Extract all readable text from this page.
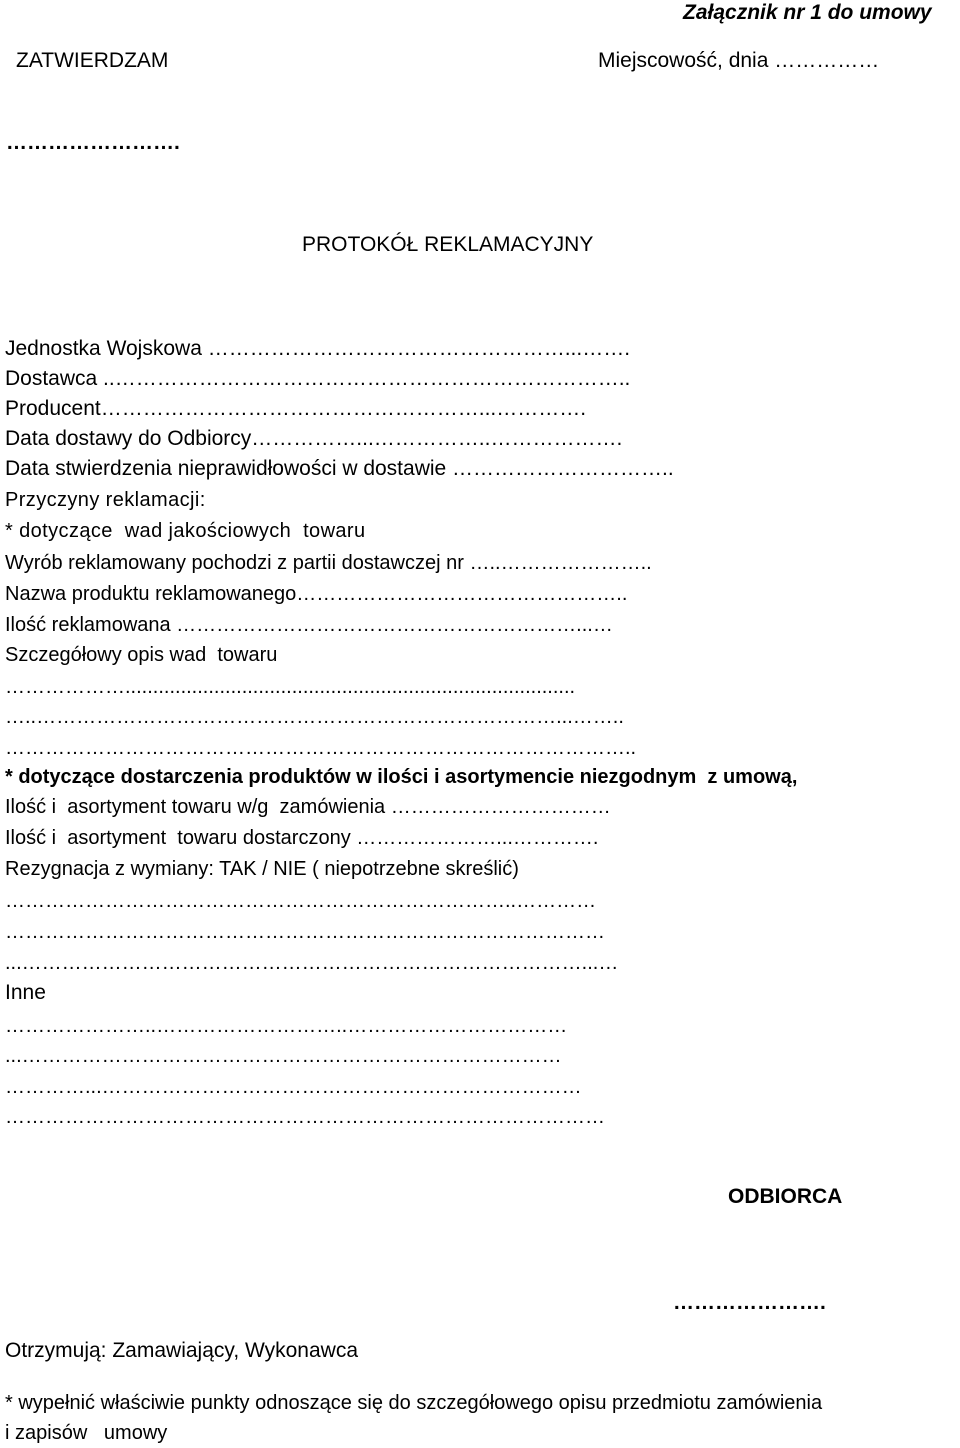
Załącznik nr 1 do umowy
ZATWIERDZAM	Miejscowość, dnia ……………
…………………….
PROTOKÓŁ REKLAMACYJNY
Jednostka Wojskowa ……………………………………………...…….
Dostawca ..………………………………………………………………..
Producent………………………………………………...………….
Data dostawy do Odbiorcy……………...……………..……………….
Data stwierdzenia nieprawidłowości w dostawie …………………………..
Przyczyny reklamacji:
* dotyczące  wad jakościowych  towaru
Wyrób reklamowany pochodzi z partii dostawczej nr …..…………………..
Nazwa produktu reklamowanego…………………………………………..
Ilość reklamowana ……………………………………………………...…
Szczegółowy opis wad  towaru
……………….................................................................................
…..……………………………………………………………………...……..
…………………………………………………………………………………..
* dotyczące dostarczenia produktów w ilości i asortymencie niezgodnym  z umową,
Ilość i  asortyment towaru w/g  zamówienia ……………………………
Ilość i  asortyment  towaru dostarczony …………………...………….
Rezygnacja z wymiany: TAK / NIE ( niepotrzebne skreślić)
…………………………………………………………………..…………
………………………………………………………………………………
...…………………………………………………………………………...…
Inne
…………………..………………………..……………………………
...………………………………………………………………………
…………...………………………………………………………………
………………………………………………………………………………
ODBIORCA
………………….
Otrzymują: Zamawiający, Wykonawca
* wypełnić właściwie punkty odnoszące się do szczegółowego opisu przedmiotu zamówienia
i zapisów   umowy
